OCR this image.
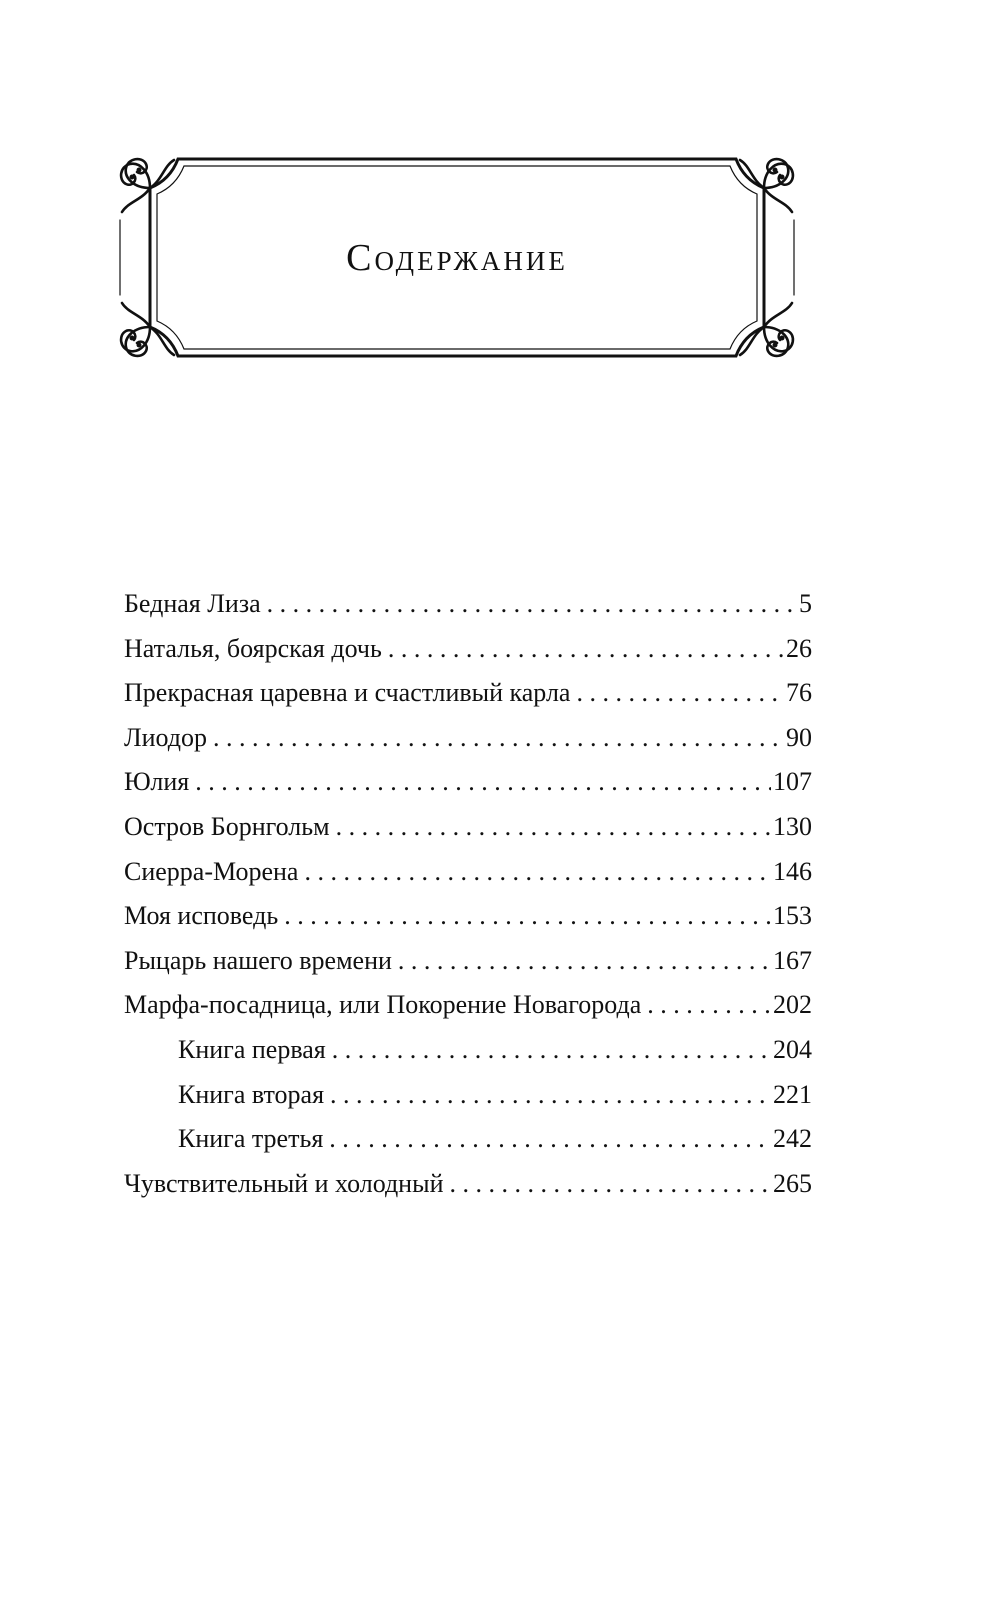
Содержание
Бедная Лиза . . .	5
Наталья, боярская дочь . . .	26
Прекрасная царевна и счастливый карла . . .	76
Лиодор . . .	90
Юлия . . .	107
Остров Борнгольм . . .	130
Сиерра-Морена . . .	146
Моя исповедь . . .	153
Рыцарь нашего времени . . .	167
Марфа-посадница, или Покорение Новагорода . . .	202
Книга первая . . .	204
Книга вторая . . .	221
Книга третья . . .	242
Чувствительный и холодный . . .	265
